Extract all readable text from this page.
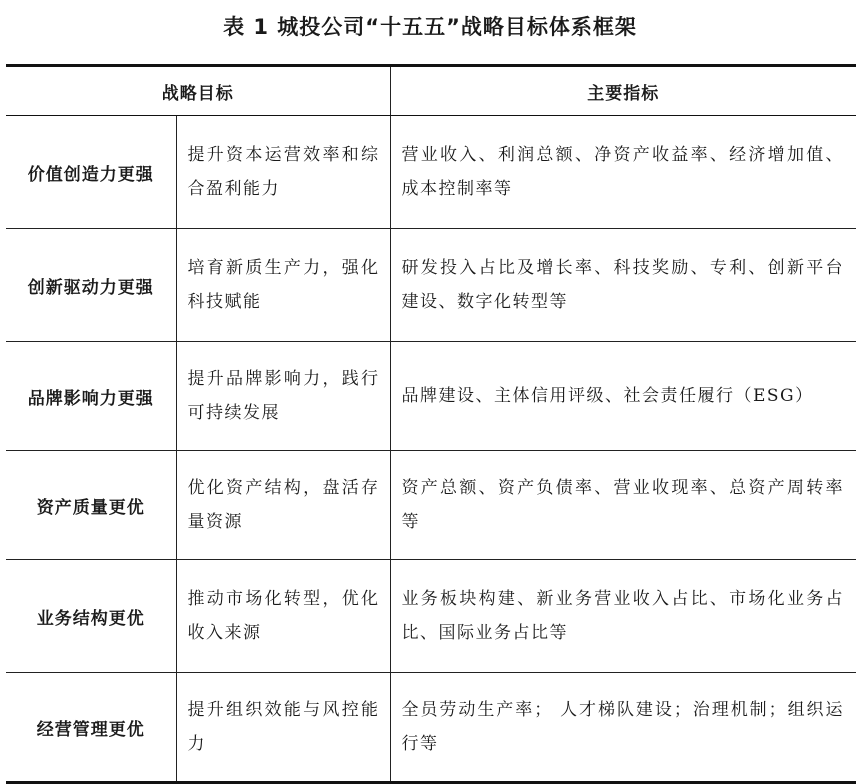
表 1 城投公司“十五五”战略目标体系框架
战略目标		主要指标
价值创造力更强	提升资本运营效率和综合盈利能力	营业收入、利润总额、净资产收益率、经济增加值、成本控制率等
创新驱动力更强	培育新质生产力，强化科技赋能	研发投入占比及增长率、科技奖励、专利、创新平台建设、数字化转型等
品牌影响力更强	提升品牌影响力，践行可持续发展	品牌建设、主体信用评级、社会责任履行（ESG）
资产质量更优	优化资产结构，盘活存量资源	资产总额、资产负债率、营业收现率、总资产周转率等
业务结构更优	推动市场化转型，优化收入来源	业务板块构建、新业务营业收入占比、市场化业务占比、国际业务占比等
经营管理更优	提升组织效能与风控能力	全员劳动生产率； 人才梯队建设；治理机制；组织运行等
